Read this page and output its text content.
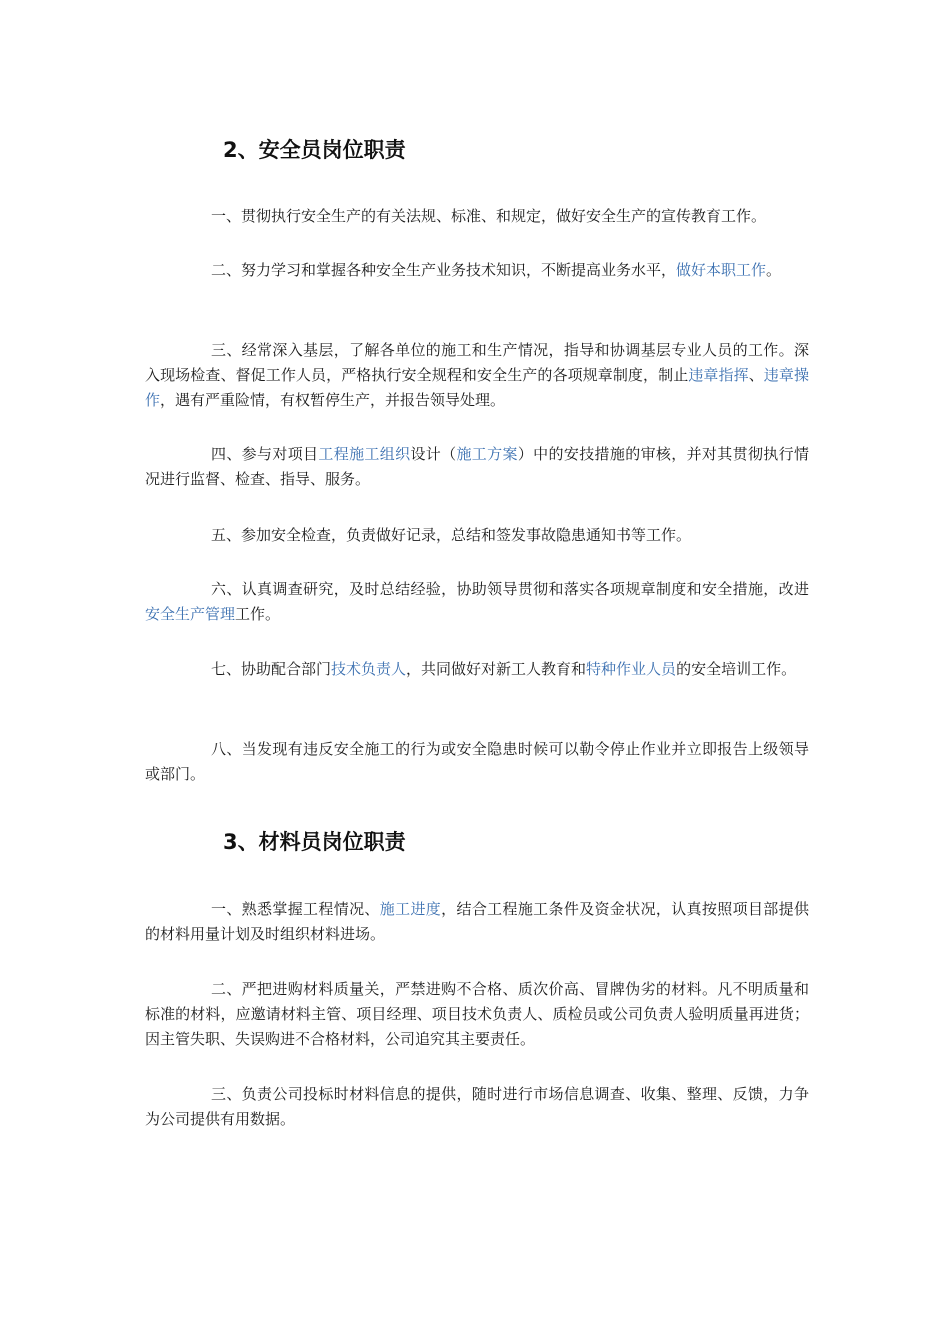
2、安全员岗位职责

一、贯彻执行安全生产的有关法规、标准、和规定，做好安全生产的宣传教育工作。

二、努力学习和掌握各种安全生产业务技术知识，不断提高业务水平，做好本职工作。

三、经常深入基层，了解各单位的施工和生产情况，指导和协调基层专业人员的工作。深入现场检查、督促工作人员，严格执行安全规程和安全生产的各项规章制度，制止违章指挥、违章操作，遇有严重险情，有权暂停生产，并报告领导处理。

四、参与对项目工程施工组织设计（施工方案）中的安技措施的审核，并对其贯彻执行情况进行监督、检查、指导、服务。

五、参加安全检查，负责做好记录，总结和签发事故隐患通知书等工作。

六、认真调查研究，及时总结经验，协助领导贯彻和落实各项规章制度和安全措施，改进安全生产管理工作。

七、协助配合部门技术负责人，共同做好对新工人教育和特种作业人员的安全培训工作。

八、当发现有违反安全施工的行为或安全隐患时候可以勒令停止作业并立即报告上级领导或部门。

3、材料员岗位职责

一、熟悉掌握工程情况、施工进度，结合工程施工条件及资金状况，认真按照项目部提供的材料用量计划及时组织材料进场。

二、严把进购材料质量关，严禁进购不合格、质次价高、冒牌伪劣的材料。凡不明质量和标准的材料，应邀请材料主管、项目经理、项目技术负责人、质检员或公司负责人验明质量再进货；因主管失职、失误购进不合格材料，公司追究其主要责任。

三、负责公司投标时材料信息的提供，随时进行市场信息调查、收集、整理、反馈，力争为公司提供有用数据。
